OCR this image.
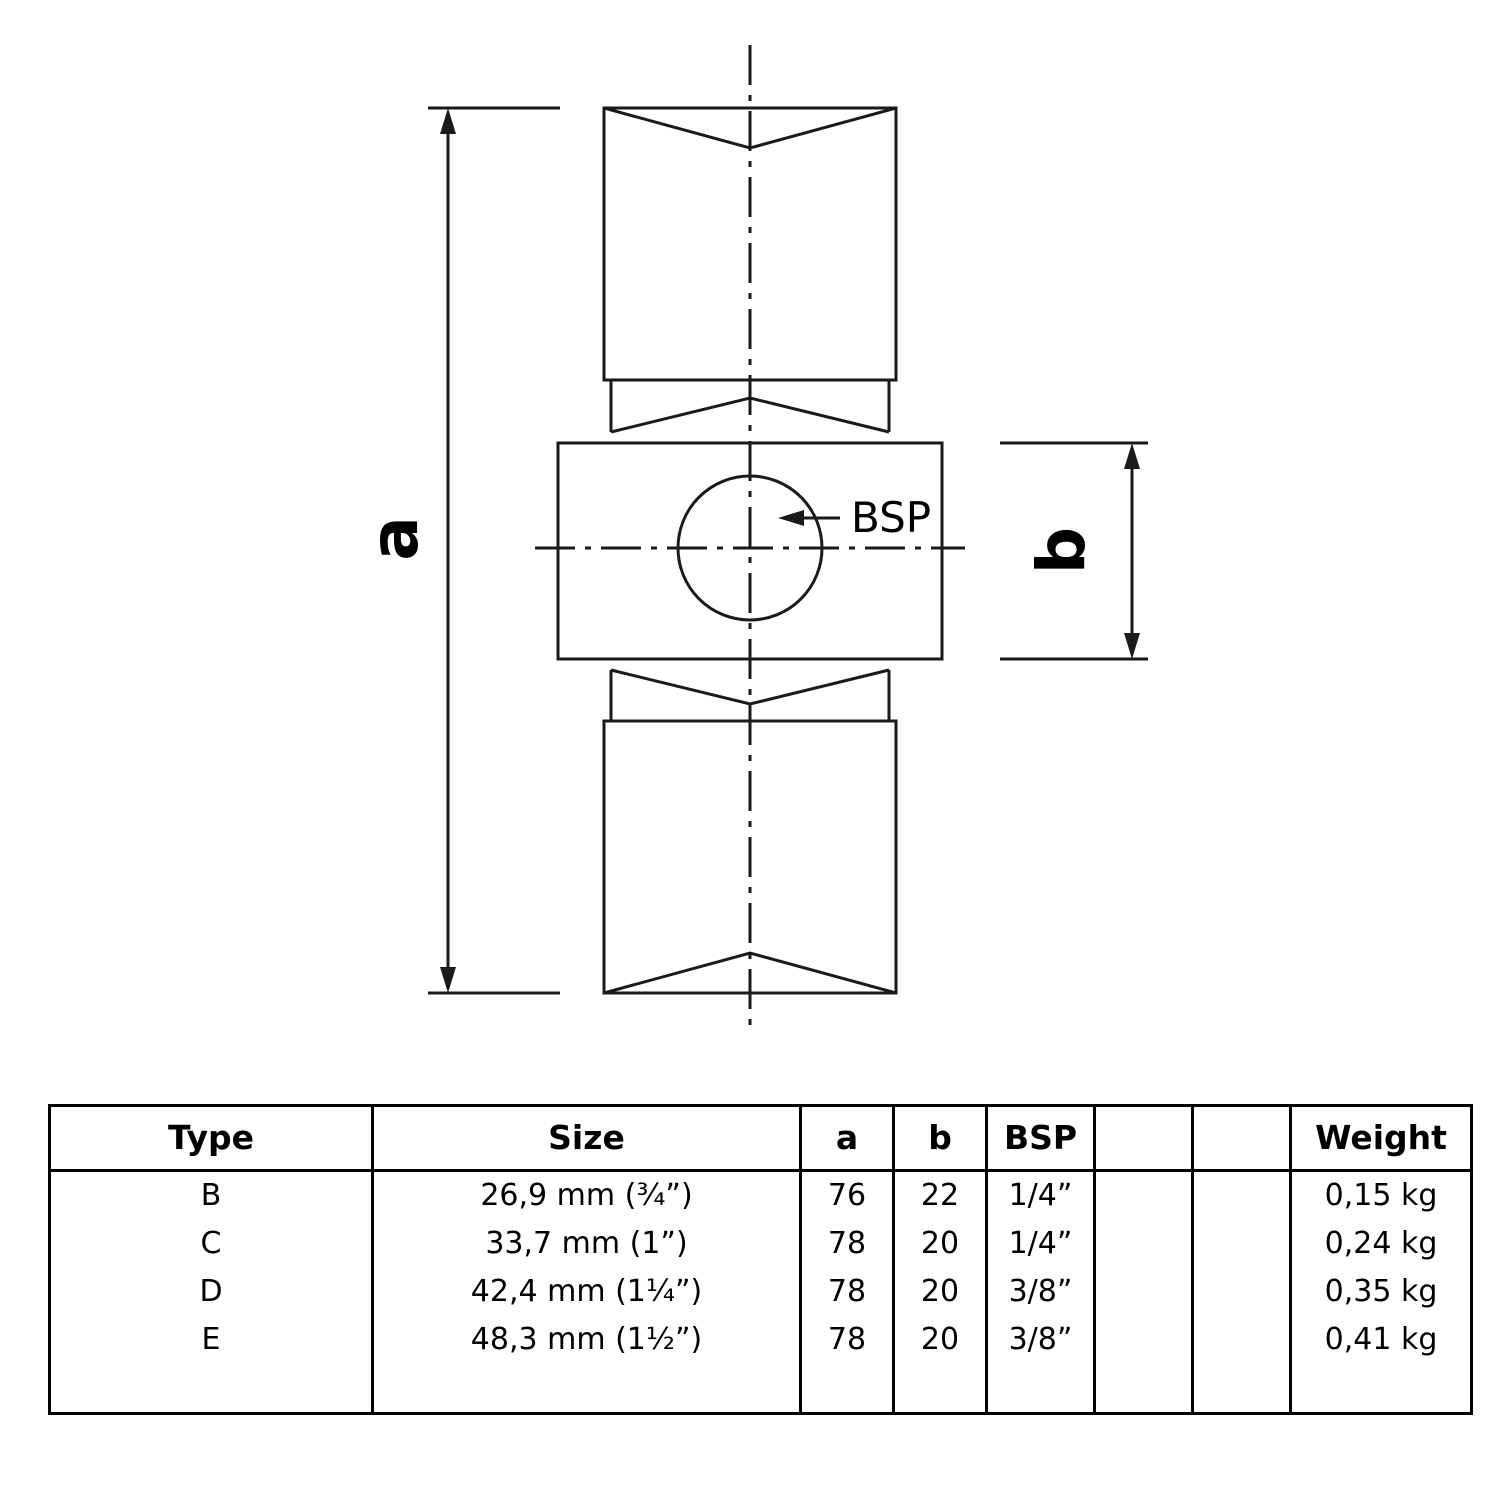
a	b
BSP
Type	Size	a	b	BSP			Weight
B	26,9 mm (¾”)	76	22	1/4”			0,15 kg
C	33,7 mm (1”)	78	20	1/4”			0,24 kg
D	42,4 mm (1¼”)	78	20	3/8”			0,35 kg
E	48,3 mm (1½”)	78	20	3/8”			0,41 kg
